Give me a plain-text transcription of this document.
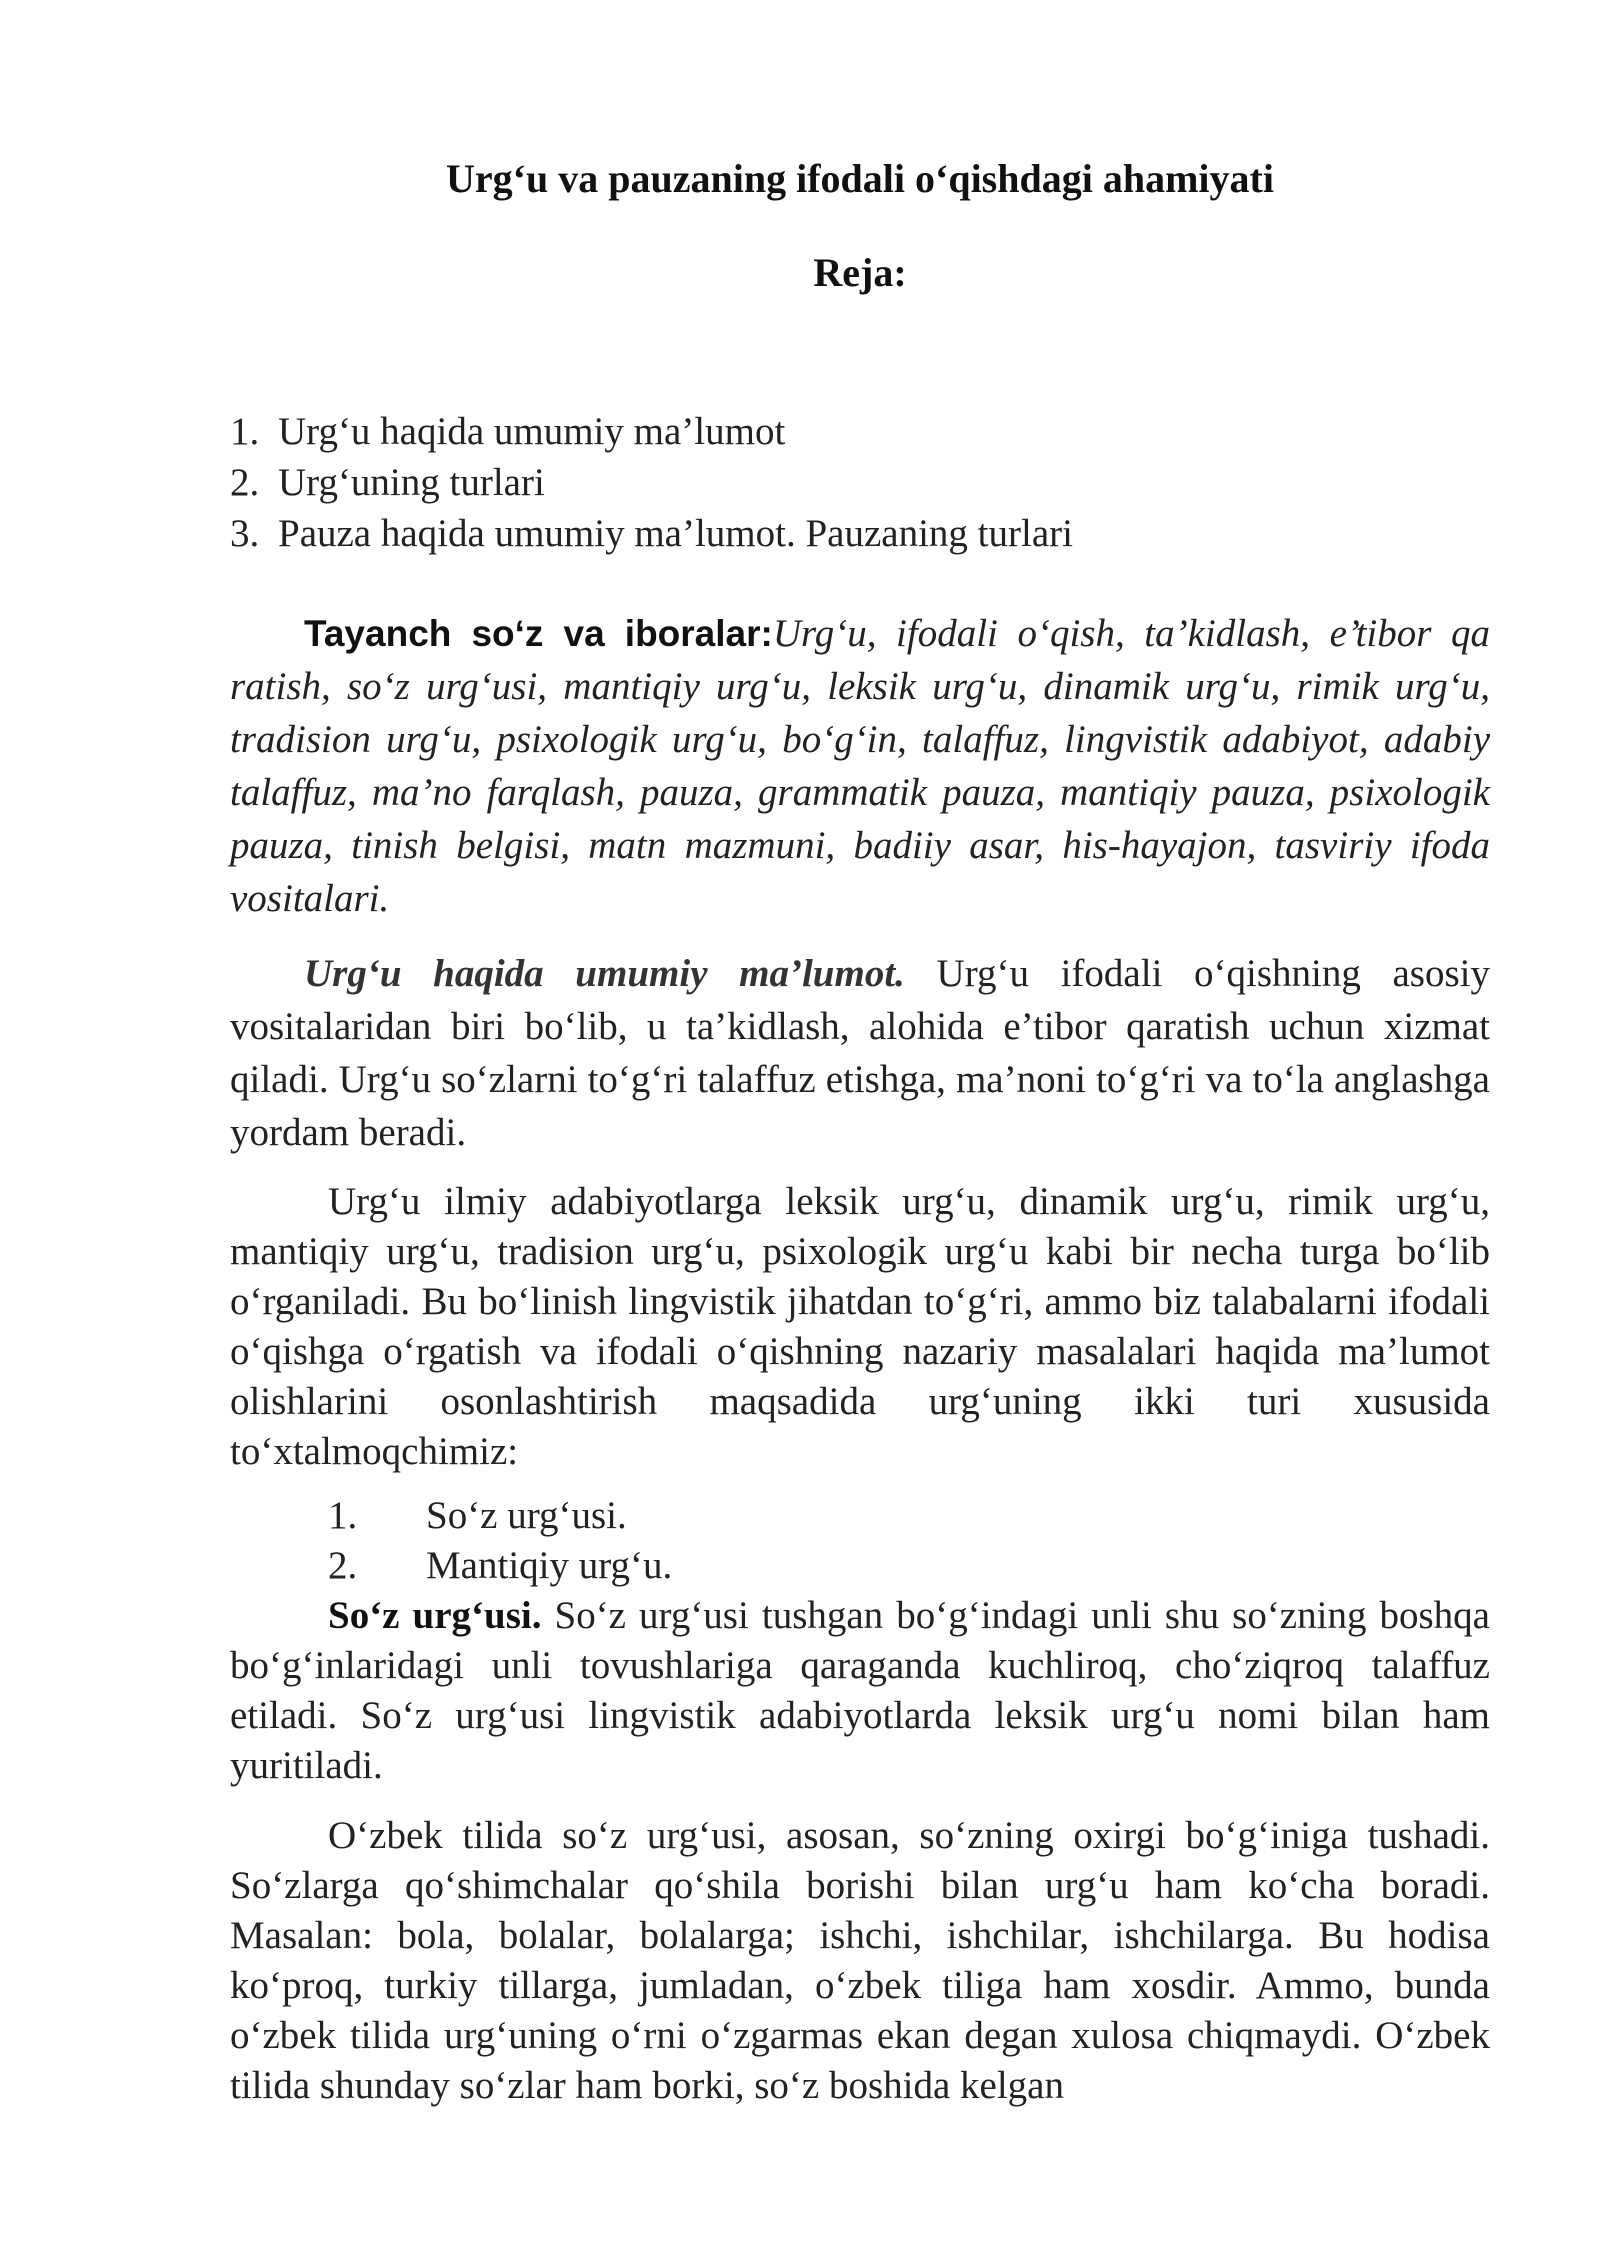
Urg‘u va pauzaning ifodali o‘qishdagi ahamiyati
Reja:
1. Urg‘u haqida umumiy ma’lumot
2. Urg‘uning turlari
3. Pauza haqida umumiy ma’lumot. Pauzaning turlari

Tayanch so‘z va iboralar:Urg‘u, ifodali o‘qish, ta’kidlash, e’tibor qa ratish, so‘z urg‘usi, mantiqiy urg‘u, leksik urg‘u, dinamik urg‘u, rimik urg‘u, tradision urg‘u, psixologik urg‘u, bo‘g‘in, talaffuz, lingvistik adabiyot, adabiy talaffuz, ma’no farqlash, pauza, grammatik pauza, mantiqiy pauza, psixologik pauza, tinish belgisi, matn mazmuni, badiiy asar, his-hayajon, tasviriy ifoda vositalari.

Urg‘u haqida umumiy ma’lumot. Urg‘u ifodali o‘qishning asosiy vositalaridan biri bo‘lib, u ta’kidlash, alohida e’tibor qaratish uchun xizmat qiladi. Urg‘u so‘zlarni to‘g‘ri talaffuz etishga, ma’noni to‘g‘ri va to‘la anglashga yordam beradi.

Urg‘u ilmiy adabiyotlarga leksik urg‘u, dinamik urg‘u, rimik urg‘u, mantiqiy urg‘u, tradision urg‘u, psixologik urg‘u kabi bir necha turga bo‘lib o‘rganiladi. Bu bo‘linish lingvistik jihatdan to‘g‘ri, ammo biz talabalarni ifodali o‘qishga o‘rgatish va ifodali o‘qishning nazariy masalalari haqida ma’lumot olishlarini osonlashtirish maqsadida urg‘uning ikki turi xususida to‘xtalmoqchimiz:

1.	So‘z urg‘usi.
2.	Mantiqiy urg‘u.

So‘z urg‘usi. So‘z urg‘usi tushgan bo‘g‘indagi unli shu so‘zning boshqa bo‘g‘inlaridagi unli tovushlariga qaraganda kuchliroq, cho‘ziqroq talaffuz etiladi. So‘z urg‘usi lingvistik adabiyotlarda leksik urg‘u nomi bilan ham yuritiladi.

O‘zbek tilida so‘z urg‘usi, asosan, so‘zning oxirgi bo‘g‘iniga tushadi. So‘zlarga qo‘shimchalar qo‘shila borishi bilan urg‘u ham ko‘cha boradi. Masalan: bola, bolalar, bolalarga; ishchi, ishchilar, ishchilarga. Bu hodisa ko‘proq, turkiy tillarga, jumladan, o‘zbek tiliga ham xosdir. Ammo, bunda o‘zbek tilida urg‘uning o‘rni o‘zgarmas ekan degan xulosa chiqmaydi. O‘zbek tilida shunday so‘zlar ham borki, so‘z boshida kelgan
